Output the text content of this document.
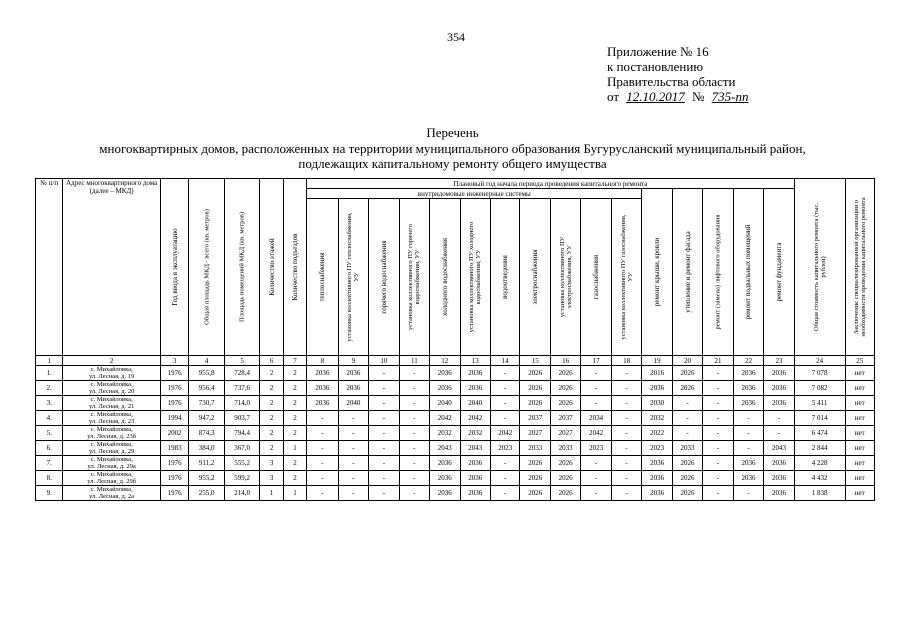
354
Приложение № 16
к постановлению
Правительства области
от 12.10.2017 № 735-пп
Перечень
многоквартирных домов, расположенных на территории муниципального образования Бугурусланский муниципальный район,
подлежащих капитальному ремонту общего имущества
№ п/п	Адрес многоквартирного дома (далее – МКД)	Год ввода в эксплуатацию	Общая площадь МКД - всего (кв. метров)	Площадь помещений МКД (кв. метров)	Количество этажей	Количество подъездов	Плановый год начала периода проведения капитального ремонта																Общая стоимость капитального ремонта (тыс. рублей)	Заключение специализированной организации о необходимости проведения капитального ремонта

							внутридомовые инженерные системы											ремонт крыши, кровли	утепление и ремонт фасада	ремонт (замена) лифтового оборудования	ремонт подвальных помещений	ремонт фундамента		

							теплоснабжения	установка коллективного ПУ теплоснабжения, УУ	горячего водоснабжения	установка коллективного ПУ горячего водоснабжения, УУ	холодного водоснабжения	установка коллективного ПУ холодного водоснабжения, УУ	водоотведения	электроснабжения	установка коллективного ПУ электроснабжения, УУ	газоснабжения	установка коллективного ПУ газоснабжения, УУ							

1	2	3	4	5	6	7	8	9	10	11	12	13	14	15	16	17	18	19	20	21	22	23	24	25
1.	с. Михайловка,
ул. Лесная, д. 19	1976	955,8	728,4	2	2	2036	2036	-	-	2036	2036	-	2026	2026	-	-	2016	2026	-	2036	2036	7 078	нет
2.	с. Михайловка,
ул. Лесная, д. 20	1976	956,4	737,6	2	2	2036	2036	-	-	2036	2036	-	2026	2026	-	-	2036	2026	-	2036	2036	7 082	нет
3.	с. Михайловка,
ул. Лесная, д. 21	1976	730,7	714,0	2	2	2036	2040	-	-	2040	2040	-	2026	2026	-	-	2030	-	-	2036	2036	5 411	нет
4.	с. Михайловка,
ул. Лесная, д. 23	1994	947,2	903,7	2	2	-	-	-	-	2042	2042	-	2037	2037	2034	-	2032	-	-	-	-	7 014	нет
5.	с. Михайловка,
ул. Лесная, д. 23б	2002	874,3	794,4	2	2	-	-	-	-	2032	2032	2042	2027	2027	2042	-	2022	-	-	-	-	6 474	нет
6.	с. Михайловка,
ул. Лесная, д. 29	1983	384,0	367,0	2	1	-	-	-	-	2043	2043	2023	2033	2033	2023	-	2023	2033	-	-	2043	2 844	нет
7.	с. Михайловка,
ул. Лесная, д. 29а	1976	911,2	555,2	3	2	-	-	-	-	2036	2036	-	2026	2026	-	-	2036	2026	-	2036	2036	4 228	нет
8.	с. Михайловка,
ул. Лесная, д. 29б	1976	955,2	599,2	3	2	-	-	-	-	2036	2036	-	2026	2026	-	-	2036	2026	-	2036	2036	4 432	нет
9.	с. Михайловка,
ул. Лесная, д. 2а	1976	255,0	214,0	1	1	-	-	-	-	2036	2036	-	2026	2026	-	-	2036	2026	-	-	2036	1 838	нет
